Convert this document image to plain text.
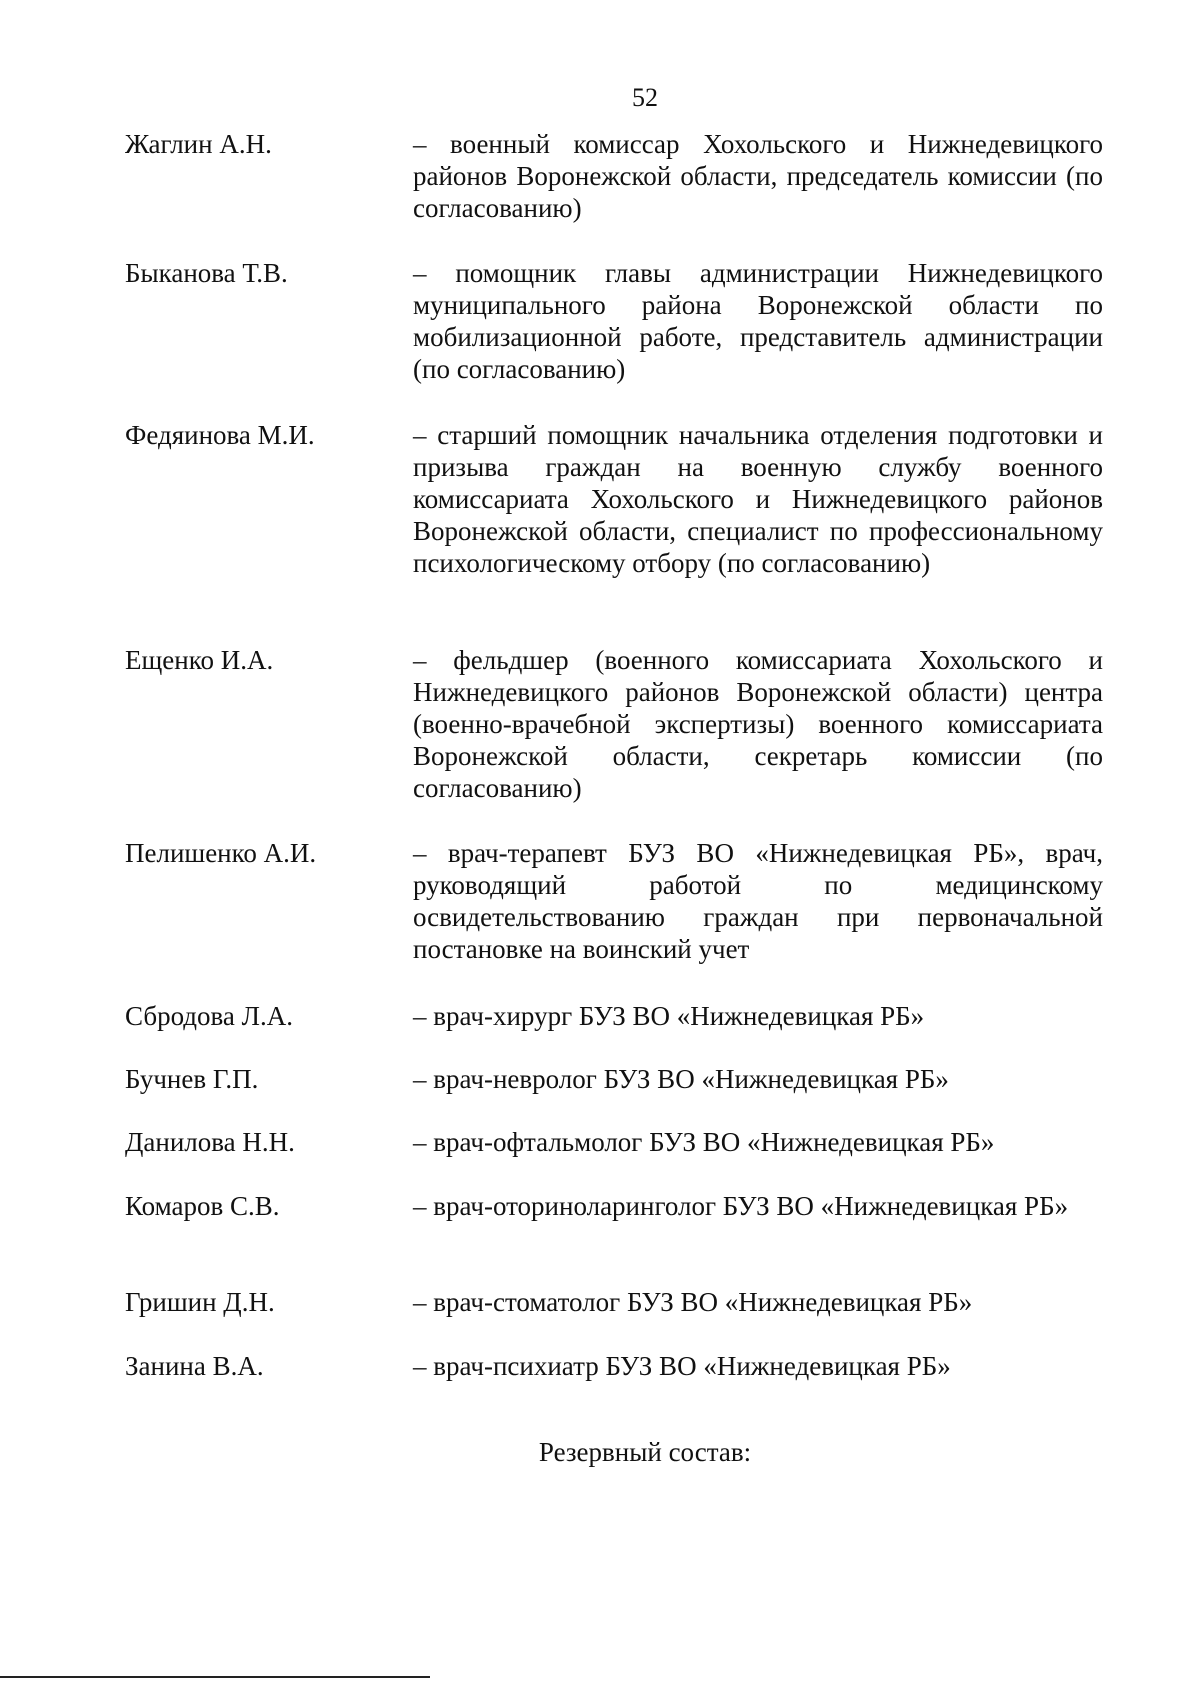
52
Жаглин А.Н.	– военный комиссар Хохольского и Нижнедевицкого районов Воронежской области, председатель комиссии (по согласованию)
Быканова Т.В.	– помощник главы администрации Нижнедевицкого муниципального района Воронежской области по мобилизационной работе, представитель администрации (по согласованию)
Федяинова М.И.	– старший помощник начальника отделения подготовки и призыва граждан на военную службу военного комиссариата Хохольского и Нижнедевицкого районов Воронежской области, специалист по профессиональному психологическому отбору (по согласованию)
Ещенко И.А.	– фельдшер (военного комиссариата Хохольского и Нижнедевицкого районов Воронежской области) центра (военно-врачебной экспертизы) военного комиссариата Воронежской области, секретарь комиссии (по согласованию)
Пелишенко А.И.	– врач-терапевт БУЗ ВО «Нижнедевицкая РБ», врач, руководящий работой по медицинскому освидетельствованию граждан при первоначальной постановке на воинский учет
Сбродова Л.А.	– врач-хирург БУЗ ВО «Нижнедевицкая РБ»
Бучнев Г.П.	– врач-невролог БУЗ ВО «Нижнедевицкая РБ»
Данилова Н.Н.	– врач-офтальмолог БУЗ ВО «Нижнедевицкая РБ»
Комаров С.В.	– врач-оториноларинголог БУЗ ВО «Нижнедевицкая РБ»
Гришин Д.Н.	– врач-стоматолог БУЗ ВО «Нижнедевицкая РБ»
Занина В.А.	– врач-психиатр БУЗ ВО «Нижнедевицкая РБ»
Резервный состав:
